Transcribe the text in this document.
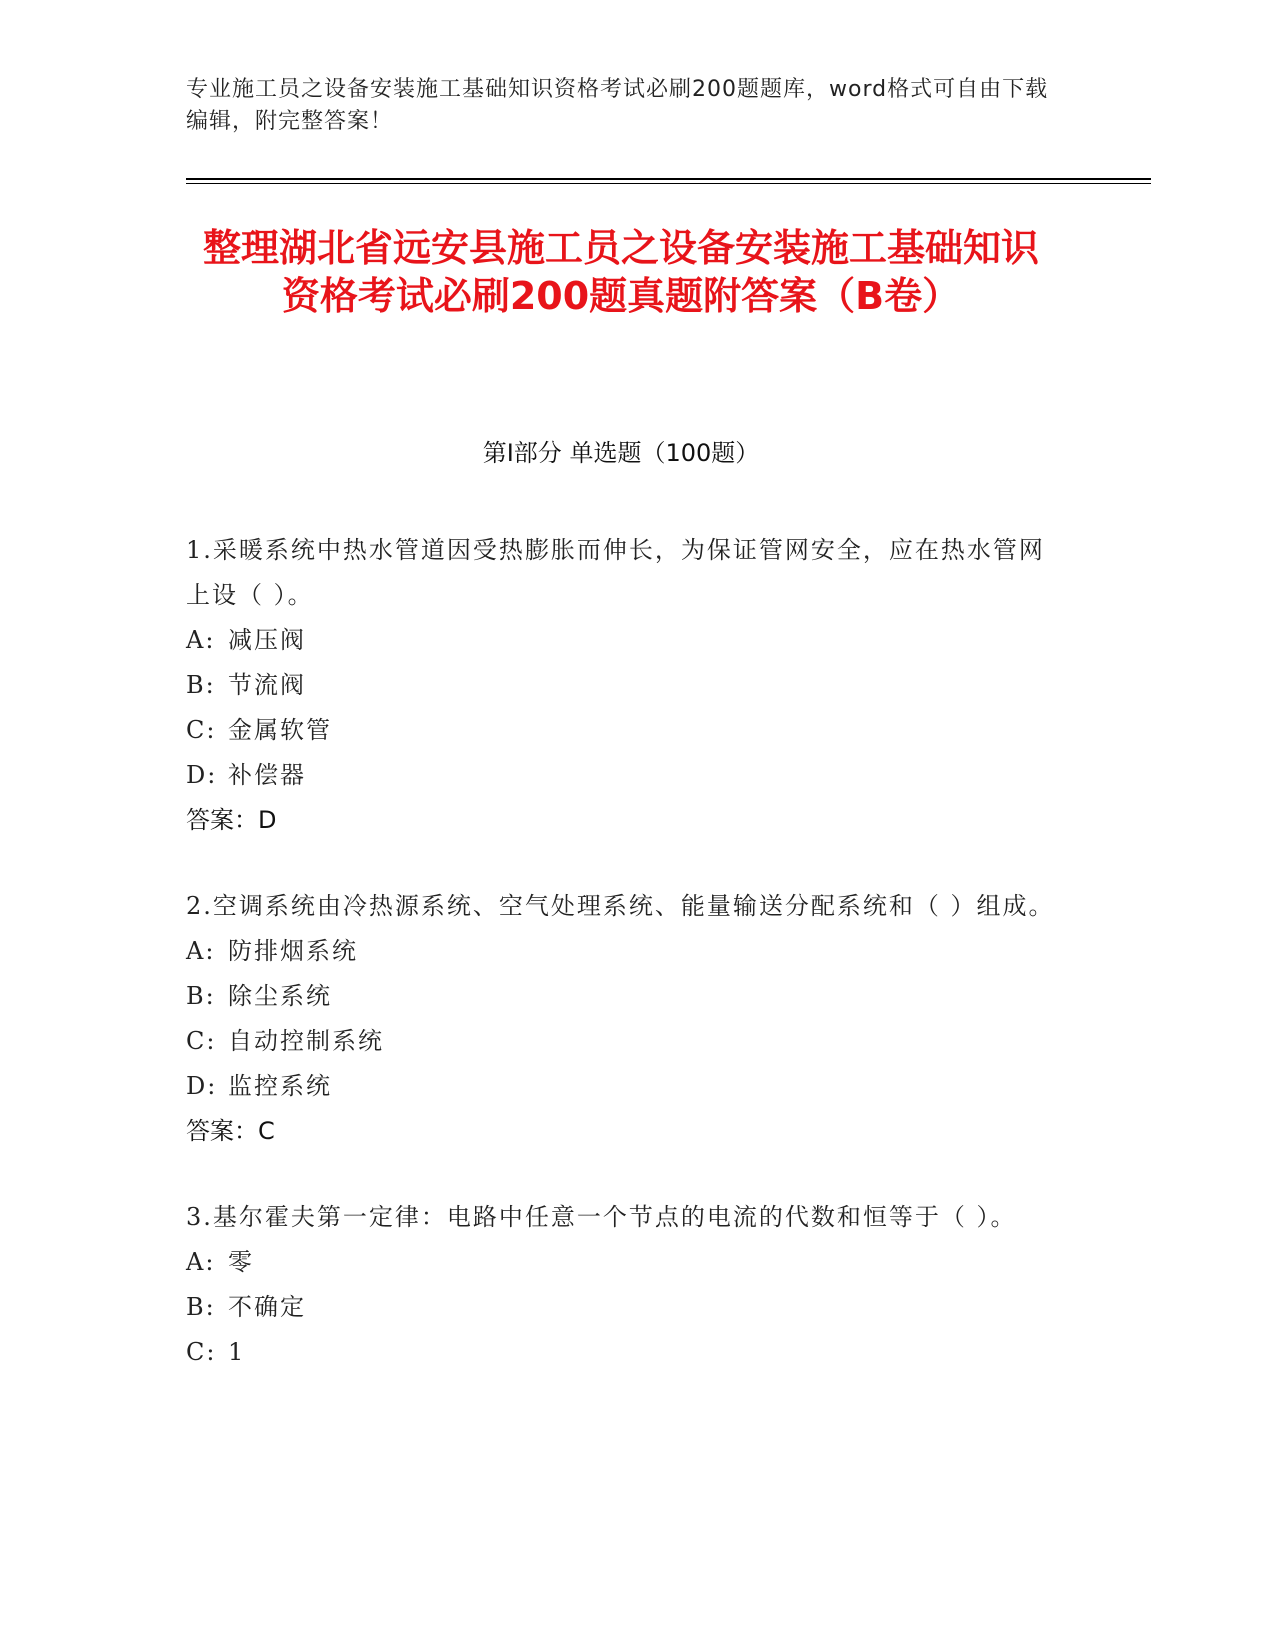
专业施工员之设备安装施工基础知识资格考试必刷200题题库，word格式可自由下载编辑，附完整答案！
整理湖北省远安县施工员之设备安装施工基础知识资格考试必刷200题真题附答案（B卷）
第Ⅰ部分 单选题（100题）
1.采暖系统中热水管道因受热膨胀而伸长，为保证管网安全，应在热水管网上设（ ）。
A: 减压阀
B: 节流阀
C: 金属软管
D: 补偿器
答案：D
2.空调系统由冷热源系统、空气处理系统、能量输送分配系统和（ ）组成。
A: 防排烟系统
B: 除尘系统
C: 自动控制系统
D: 监控系统
答案：C
3.基尔霍夫第一定律：电路中任意一个节点的电流的代数和恒等于（ ）。
A: 零
B: 不确定
C: 1
